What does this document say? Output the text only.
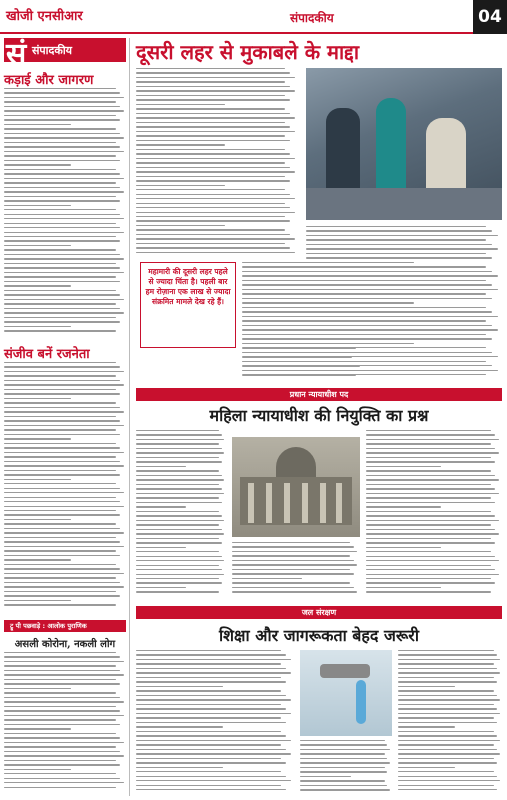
खोजी एनसीआर	संपादकीय	04
सं संपादकीय
कड़ाई और जागरण
संजीव बनें रजनेता
ट्रू पी पछवाड़े : आलोक पुराणिक
असली कोरोना, नकली लोग
दूसरी लहर से मुकाबले के माद्दा
महामारी की दूसरी लहर पहले से ज्यादा चिंता है। पहली बार हम रोज़ाना एक लाख से ज्यादा संक्रमित मामले देख रहे हैं।
प्रधान न्यायाधीश पद
महिला न्यायाधीश की नियुक्ति का प्रश्न
जल संरक्षण
शिक्षा और जागरूकता बेहद जरूरी
